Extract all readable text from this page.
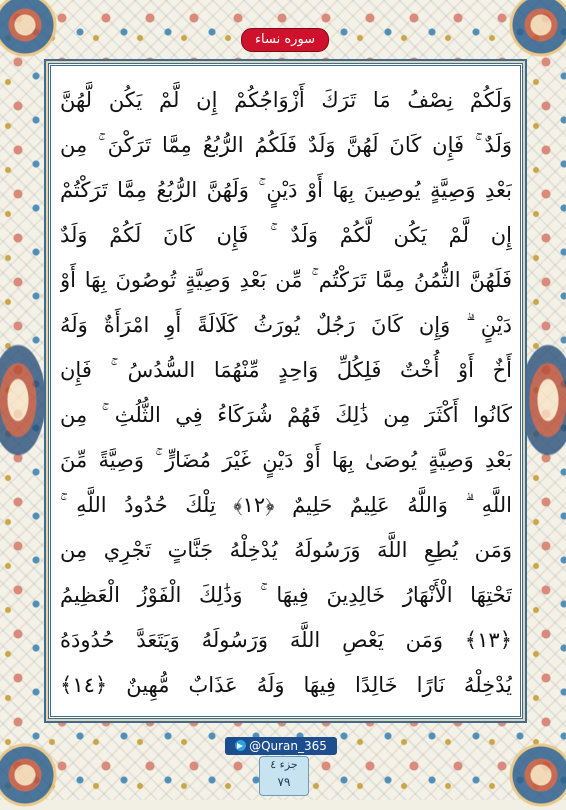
سوره نساء
وَلَكُمْ نِصْفُ مَا تَرَكَ أَزْوَاجُكُمْ إِن لَّمْ يَكُن لَّهُنَّ
وَلَدٌ ۚ فَإِن كَانَ لَهُنَّ وَلَدٌ فَلَكُمُ الرُّبُعُ مِمَّا تَرَكْنَ ۚ مِن
بَعْدِ وَصِيَّةٍ يُوصِينَ بِهَا أَوْ دَيْنٍ ۚ وَلَهُنَّ الرُّبُعُ مِمَّا تَرَكْتُمْ
إِن لَّمْ يَكُن لَّكُمْ وَلَدٌ ۚ فَإِن كَانَ لَكُمْ وَلَدٌ
فَلَهُنَّ الثُّمُنُ مِمَّا تَرَكْتُم ۚ مِّن بَعْدِ وَصِيَّةٍ تُوصُونَ بِهَا أَوْ
دَيْنٍ ۗ وَإِن كَانَ رَجُلٌ يُورَثُ كَلَالَةً أَوِ امْرَأَةٌ وَلَهُ
أَخٌ أَوْ أُخْتٌ فَلِكُلِّ وَاحِدٍ مِّنْهُمَا السُّدُسُ ۚ فَإِن
كَانُوا أَكْثَرَ مِن ذَٰلِكَ فَهُمْ شُرَكَاءُ فِي الثُّلُثِ ۚ مِن
بَعْدِ وَصِيَّةٍ يُوصَىٰ بِهَا أَوْ دَيْنٍ غَيْرَ مُضَارٍّ ۚ وَصِيَّةً مِّنَ
اللَّهِ ۗ وَاللَّهُ عَلِيمٌ حَلِيمٌ ﴿١٢﴾ تِلْكَ حُدُودُ اللَّهِ ۚ
وَمَن يُطِعِ اللَّهَ وَرَسُولَهُ يُدْخِلْهُ جَنَّاتٍ تَجْرِي مِن
تَحْتِهَا الْأَنْهَارُ خَالِدِينَ فِيهَا ۚ وَذَٰلِكَ الْفَوْزُ الْعَظِيمُ
﴿١٣﴾ وَمَن يَعْصِ اللَّهَ وَرَسُولَهُ وَيَتَعَدَّ حُدُودَهُ
يُدْخِلْهُ نَارًا خَالِدًا فِيهَا وَلَهُ عَذَابٌ مُّهِينٌ ﴿١٤﴾
@Quran_365
جزء ٤
٧٩
